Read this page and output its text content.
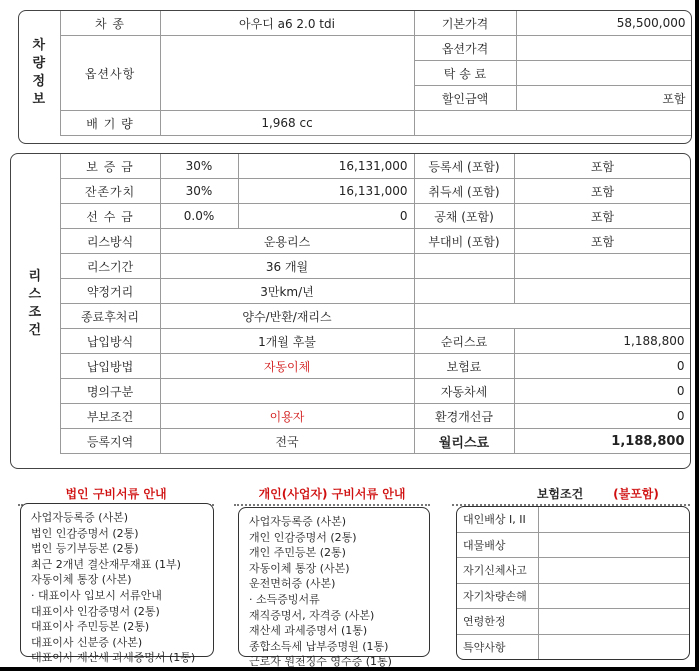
차량정보	차 종	아우디 a6 2.0 tdi	기본가격	58,500,000
	옵션사항		옵션가격	
			탁 송 료	
			할인금액	포함
	배 기 량	1,968 cc		
리스조건	보 증 금	30%	16,131,000	등록세 (포함)	포함
	잔존가치	30%	16,131,000	취득세 (포함)	포함
	선 수 금	0.0%	0	공채 (포함)	포함
	리스방식	운용리스		부대비 (포함)	포함
	리스기간	36 개월			
	약정거리	3만km/년			
	종료후처리	양수/반환/재리스			
	납입방식	1개월 후불		순리스료	1,188,800
	납입방법	자동이체		보험료	0
	명의구분			자동차세	0
	부보조건	이용자		환경개선금	0
	등록지역	전국		월리스료	1,188,800
법인 구비서류 안내
사업자등록증 (사본)
법인 인감증명서 (2통)
법인 등기부등본 (2통)
최근 2개년 결산재무재표 (1부)
자동이체 통장 (사본)
· 대표이사 입보시 서류안내
대표이사 인감증명서 (2통)
대표이사 주민등본 (2통)
대표이사 신분증 (사본)
대표이사 재산세 과세증명서 (1통)
개인(사업자) 구비서류 안내
사업자등록증 (사본)
개인 인감증명서 (2통)
개인 주민등본 (2통)
자동이체 통장 (사본)
운전면허증 (사본)
· 소득증빙서류
재직증명서, 자격증 (사본)
재산세 과세증명서 (1통)
종합소득세 납부증명원 (1통)
근로자 원천징수 영수증 (1통)
보험조건	(불포함)
대인배상 I, II	
대물배상	
자기신체사고	
자기차량손해	
연령한정	
특약사항	
